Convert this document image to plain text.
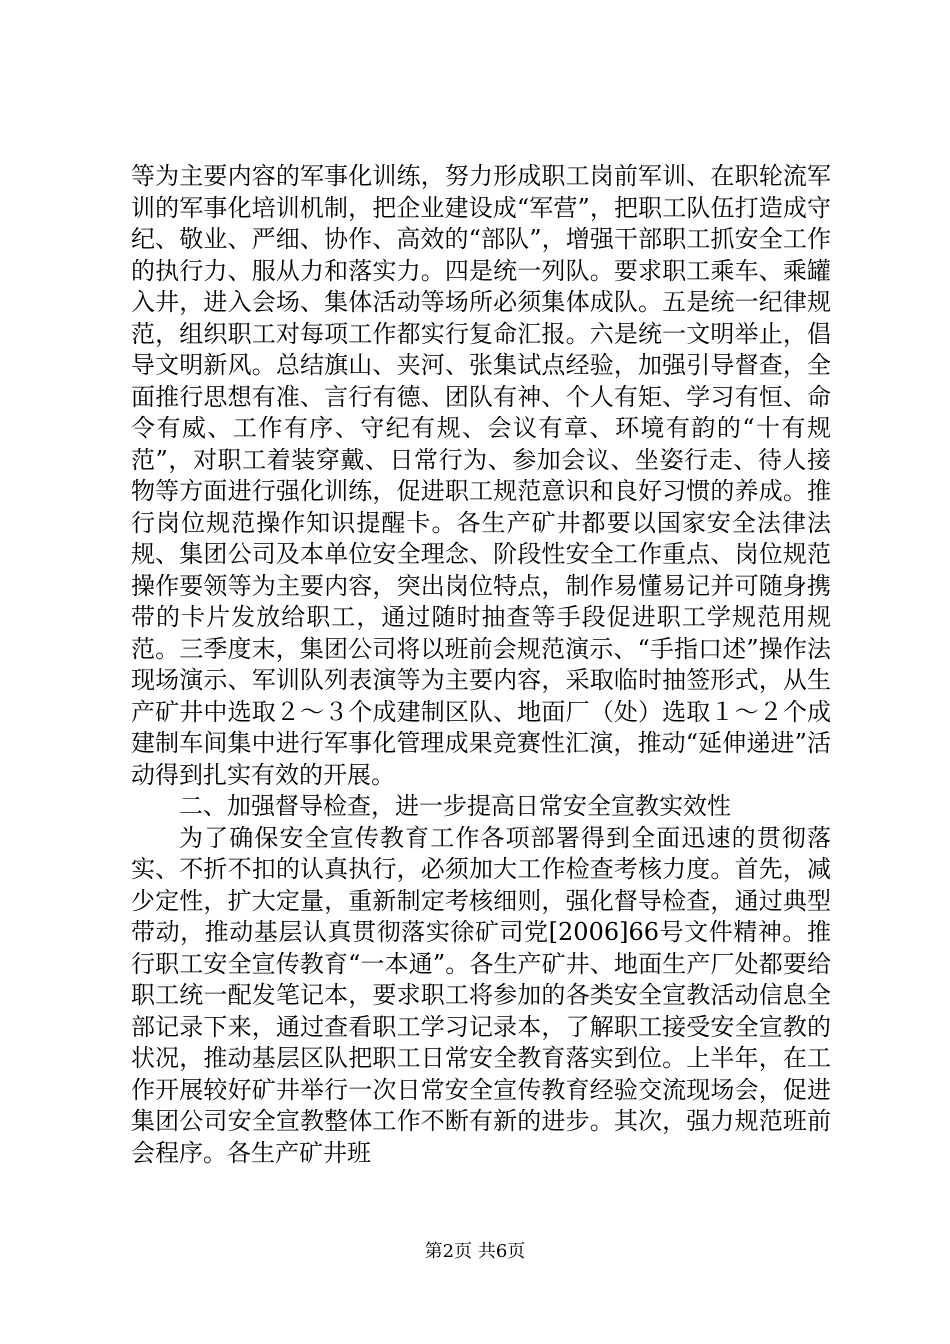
等为主要内容的军事化训练，努力形成职工岗前军训、在职轮流军训的军事化培训机制，把企业建设成“军营”，把职工队伍打造成守纪、敬业、严细、协作、高效的“部队”，增强干部职工抓安全工作的执行力、服从力和落实力。四是统一列队。要求职工乘车、乘罐入井，进入会场、集体活动等场所必须集体成队。五是统一纪律规范，组织职工对每项工作都实行复命汇报。六是统一文明举止，倡导文明新风。总结旗山、夹河、张集试点经验，加强引导督查，全面推行思想有准、言行有德、团队有神、个人有矩、学习有恒、命令有威、工作有序、守纪有规、会议有章、环境有韵的“十有规范”，对职工着装穿戴、日常行为、参加会议、坐姿行走、待人接物等方面进行强化训练，促进职工规范意识和良好习惯的养成。推行岗位规范操作知识提醒卡。各生产矿井都要以国家安全法律法规、集团公司及本单位安全理念、阶段性安全工作重点、岗位规范操作要领等为主要内容，突出岗位特点，制作易懂易记并可随身携带的卡片发放给职工，通过随时抽查等手段促进职工学规范用规范。三季度末，集团公司将以班前会规范演示、“手指口述”操作法现场演示、军训队列表演等为主要内容，采取临时抽签形式，从生产矿井中选取２～３个成建制区队、地面厂（处）选取１～２个成建制车间集中进行军事化管理成果竞赛性汇演，推动“延伸递进”活动得到扎实有效的开展。

二、加强督导检查，进一步提高日常安全宣教实效性

为了确保安全宣传教育工作各项部署得到全面迅速的贯彻落实、不折不扣的认真执行，必须加大工作检查考核力度。首先，减少定性，扩大定量，重新制定考核细则，强化督导检查，通过典型带动，推动基层认真贯彻落实徐矿司党[2006]66号文件精神。推行职工安全宣传教育“一本通”。各生产矿井、地面生产厂处都要给职工统一配发笔记本，要求职工将参加的各类安全宣教活动信息全部记录下来，通过查看职工学习记录本，了解职工接受安全宣教的状况，推动基层区队把职工日常安全教育落实到位。上半年，在工作开展较好矿井举行一次日常安全宣传教育经验交流现场会，促进集团公司安全宣教整体工作不断有新的进步。其次，强力规范班前会程序。各生产矿井班

第2页 共6页
